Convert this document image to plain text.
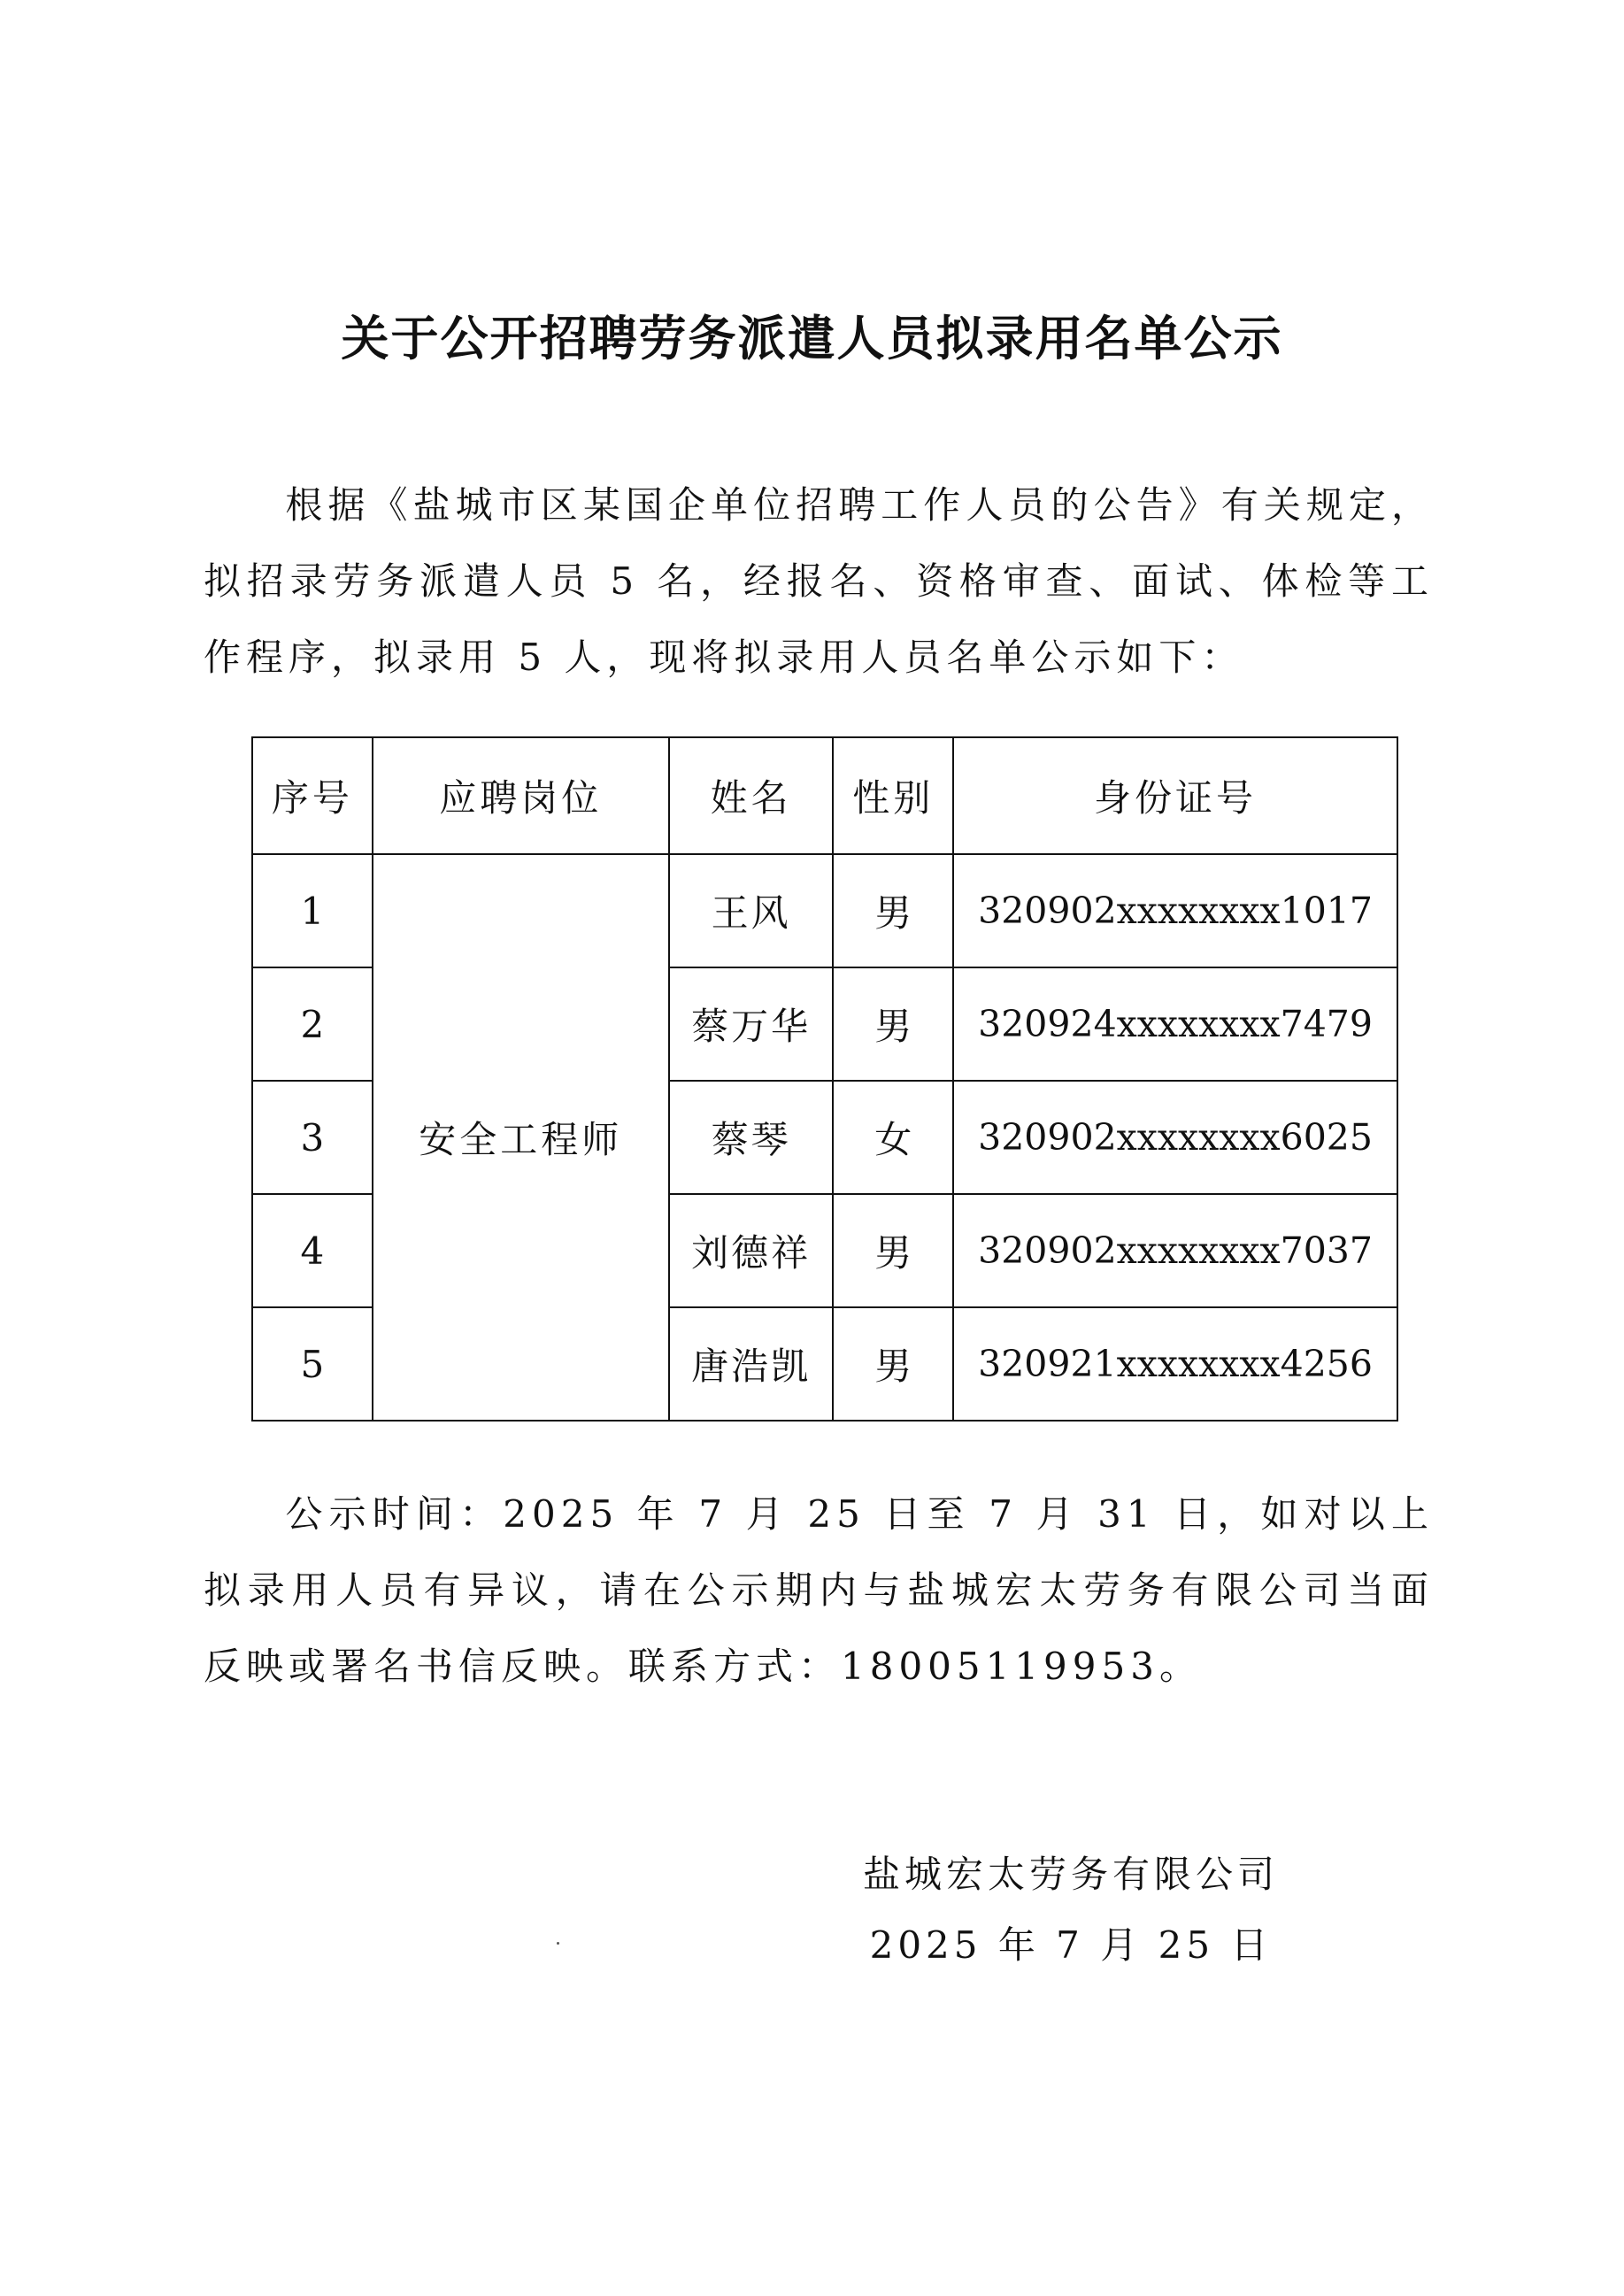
关于公开招聘劳务派遣人员拟录用名单公示

根据《盐城市区某国企单位招聘工作人员的公告》有关规定，拟招录劳务派遣人员 5 名，经报名、资格审查、面试、体检等工作程序，拟录用 5 人，现将拟录用人员名单公示如下：

序号	应聘岗位	姓名	性别	身份证号
1	安全工程师	王风	男	320902xxxxxxxx1017
2		蔡万华	男	320924xxxxxxxx7479
3		蔡琴	女	320902xxxxxxxx6025
4		刘德祥	男	320902xxxxxxxx7037
5		唐浩凯	男	320921xxxxxxxx4256

公示时间：2025 年 7 月 25 日至 7 月 31 日，如对以上拟录用人员有异议，请在公示期内与盐城宏太劳务有限公司当面反映或署名书信反映。联系方式：18005119953。

盐城宏太劳务有限公司

2025 年 7 月 25 日
